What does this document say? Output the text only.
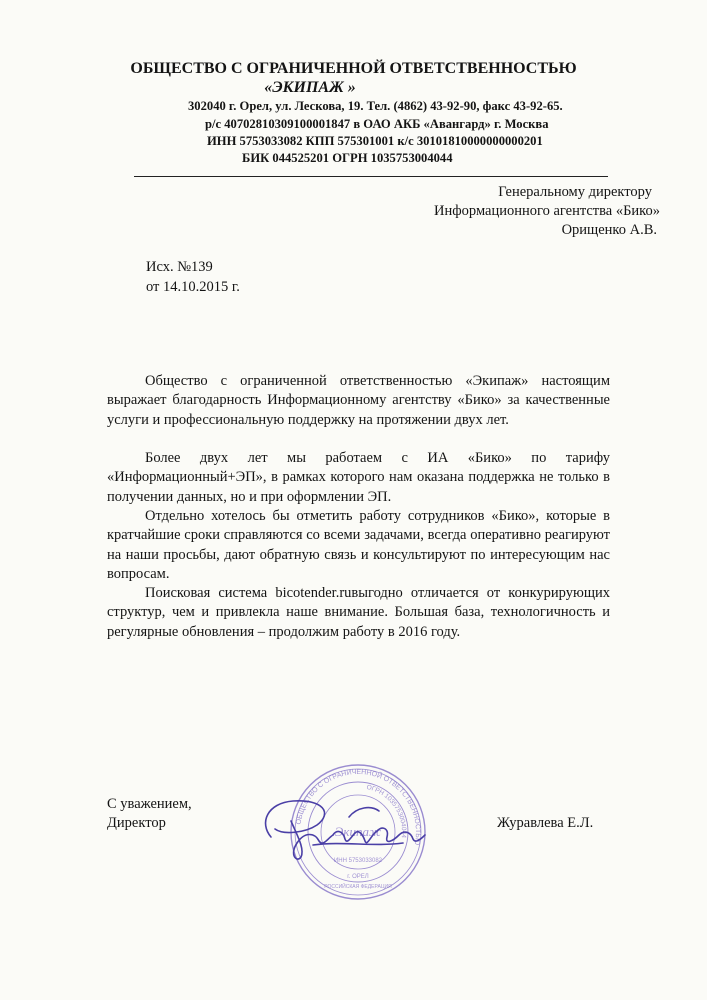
ОБЩЕСТВО С ОГРАНИЧЕННОЙ ОТВЕТСТВЕННОСТЬЮ
«ЭКИПАЖ »
302040 г. Орел, ул. Лескова, 19. Тел. (4862) 43-92-90, факс 43-92-65.
р/с 40702810309100001847 в ОАО АКБ «Авангард» г. Москва
ИНН 5753033082 КПП 575301001 к/с 30101810000000000201
БИК 044525201 ОГРН 1035753004044
Генеральному директору
Информационного агентства «Бико»
Орищенко А.В.
Исх. №139
от 14.10.2015 г.

Общество с ограниченной ответственностью «Экипаж» настоящим выражает благодарность Информационному агентству «Бико» за качественные услуги и профессиональную поддержку на протяжении двух лет.

Более двух лет мы работаем с ИА «Бико» по тарифу «Информационный+ЭП», в рамках которого нам оказана поддержка не только в получении данных, но и при оформлении ЭП.

Отдельно хотелось бы отметить работу сотрудников «Бико», которые в кратчайшие сроки справляются со всеми задачами, всегда оперативно реагируют на наши просьбы, дают обратную связь и консультируют по интересующим нас вопросам.

Поисковая система bicotender.ruвыгодно отличается от конкурирующих структур, чем и привлекла наше внимание. Большая база, технологичность и регулярные обновления – продолжим работу в 2016 году.

С уважением,
Директор	Журавлева Е.Л.
ОБЩЕСТВО С ОГРАНИЧЕННОЙ ОТВЕТСТВЕННОСТЬЮ
ОГРН 1035753004044
Экипаж
ИНН 5753033082
г. ОРЕЛ
РОССИЙСКАЯ ФЕДЕРАЦИЯ
